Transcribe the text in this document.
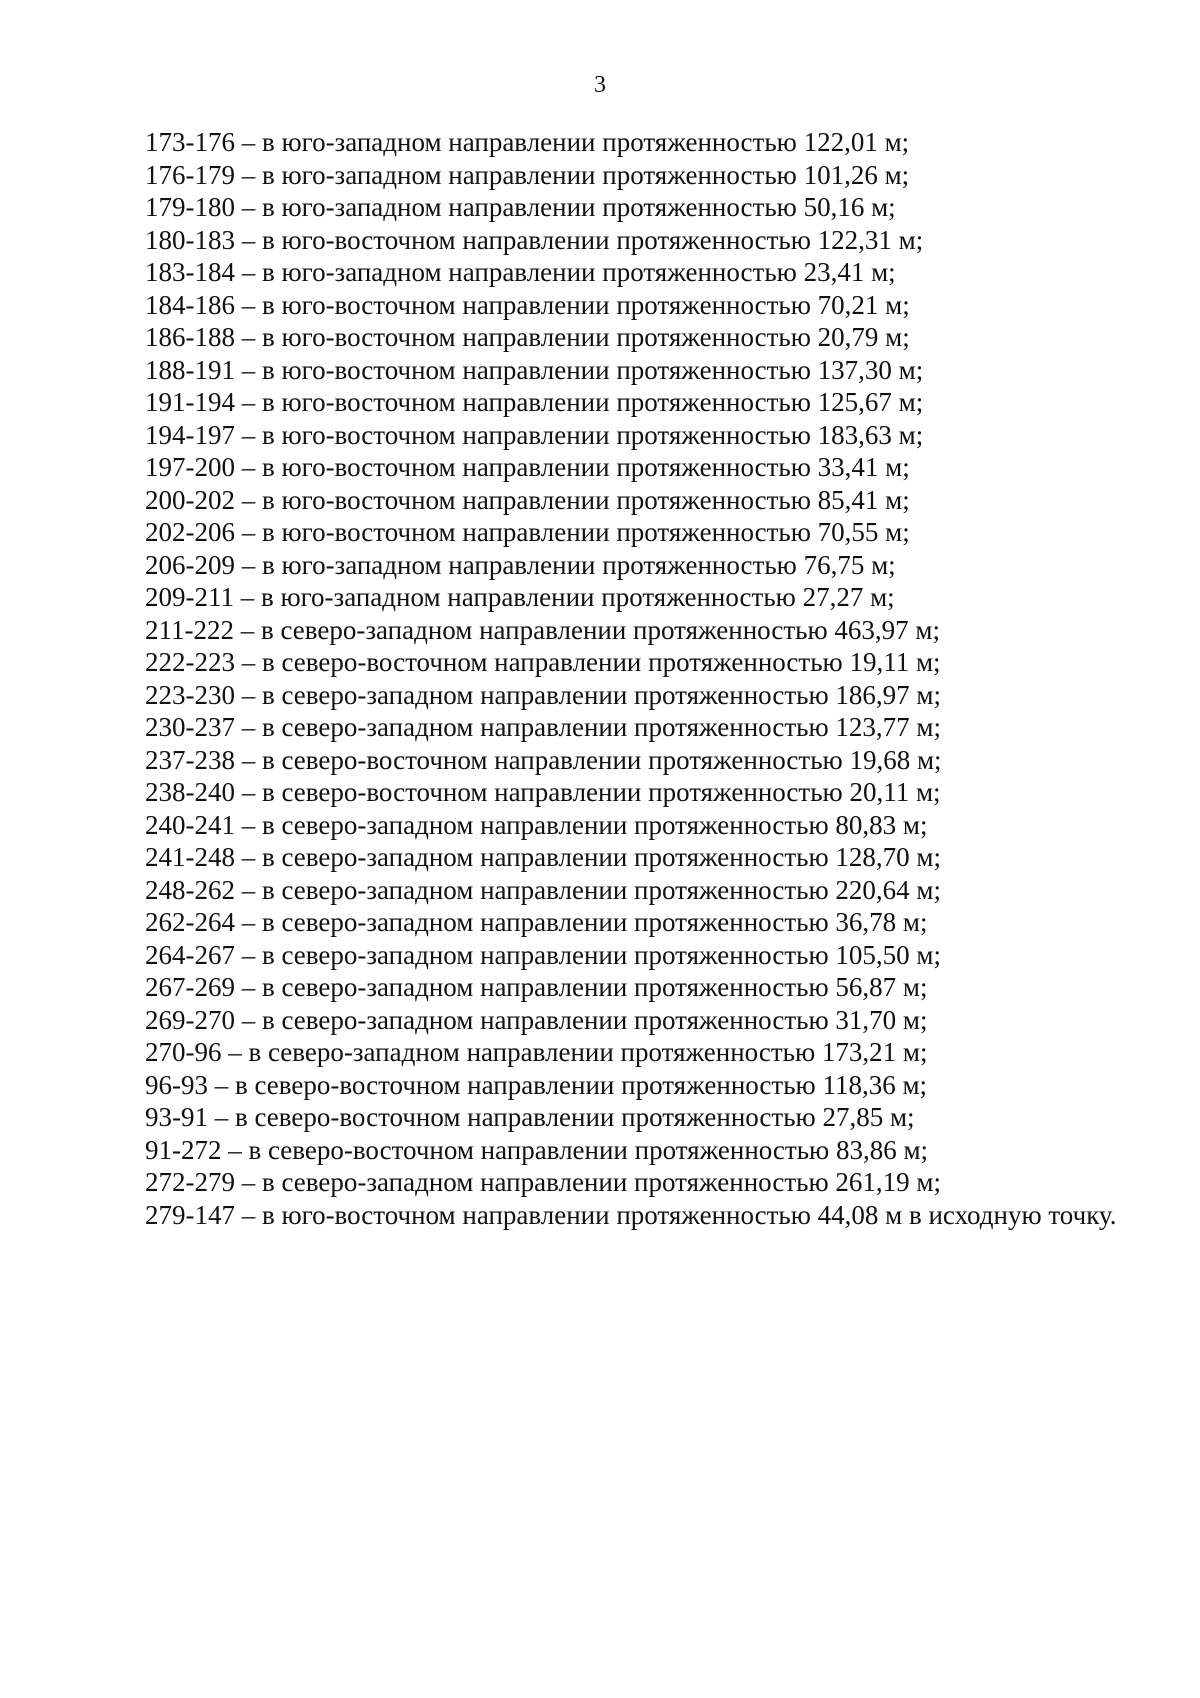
3
173-176 – в юго-западном направлении протяженностью 122,01 м;
176-179 – в юго-западном направлении протяженностью 101,26 м;
179-180 – в юго-западном направлении протяженностью 50,16 м;
180-183 – в юго-восточном направлении протяженностью 122,31 м;
183-184 – в юго-западном направлении протяженностью 23,41 м;
184-186 – в юго-восточном направлении протяженностью 70,21 м;
186-188 – в юго-восточном направлении протяженностью 20,79 м;
188-191 – в юго-восточном направлении протяженностью 137,30 м;
191-194 – в юго-восточном направлении протяженностью 125,67 м;
194-197 – в юго-восточном направлении протяженностью 183,63 м;
197-200 – в юго-восточном направлении протяженностью 33,41 м;
200-202 – в юго-восточном направлении протяженностью 85,41 м;
202-206 – в юго-восточном направлении протяженностью 70,55 м;
206-209 – в юго-западном направлении протяженностью 76,75 м;
209-211 – в юго-западном направлении протяженностью 27,27 м;
211-222 – в северо-западном направлении протяженностью 463,97 м;
222-223 – в северо-восточном направлении протяженностью 19,11 м;
223-230 – в северо-западном направлении протяженностью 186,97 м;
230-237 – в северо-западном направлении протяженностью 123,77 м;
237-238 – в северо-восточном направлении протяженностью 19,68 м;
238-240 – в северо-восточном направлении протяженностью 20,11 м;
240-241 – в северо-западном направлении протяженностью 80,83 м;
241-248 – в северо-западном направлении протяженностью 128,70 м;
248-262 – в северо-западном направлении протяженностью 220,64 м;
262-264 – в северо-западном направлении протяженностью 36,78 м;
264-267 – в северо-западном направлении протяженностью 105,50 м;
267-269 – в северо-западном направлении протяженностью 56,87 м;
269-270 – в северо-западном направлении протяженностью 31,70 м;
270-96 – в северо-западном направлении протяженностью 173,21 м;
96-93 – в северо-восточном направлении протяженностью 118,36 м;
93-91 – в северо-восточном направлении протяженностью 27,85 м;
91-272 – в северо-восточном направлении протяженностью 83,86 м;
272-279 – в северо-западном направлении протяженностью 261,19 м;
279-147 – в юго-восточном направлении протяженностью 44,08 м в исходную точку.
